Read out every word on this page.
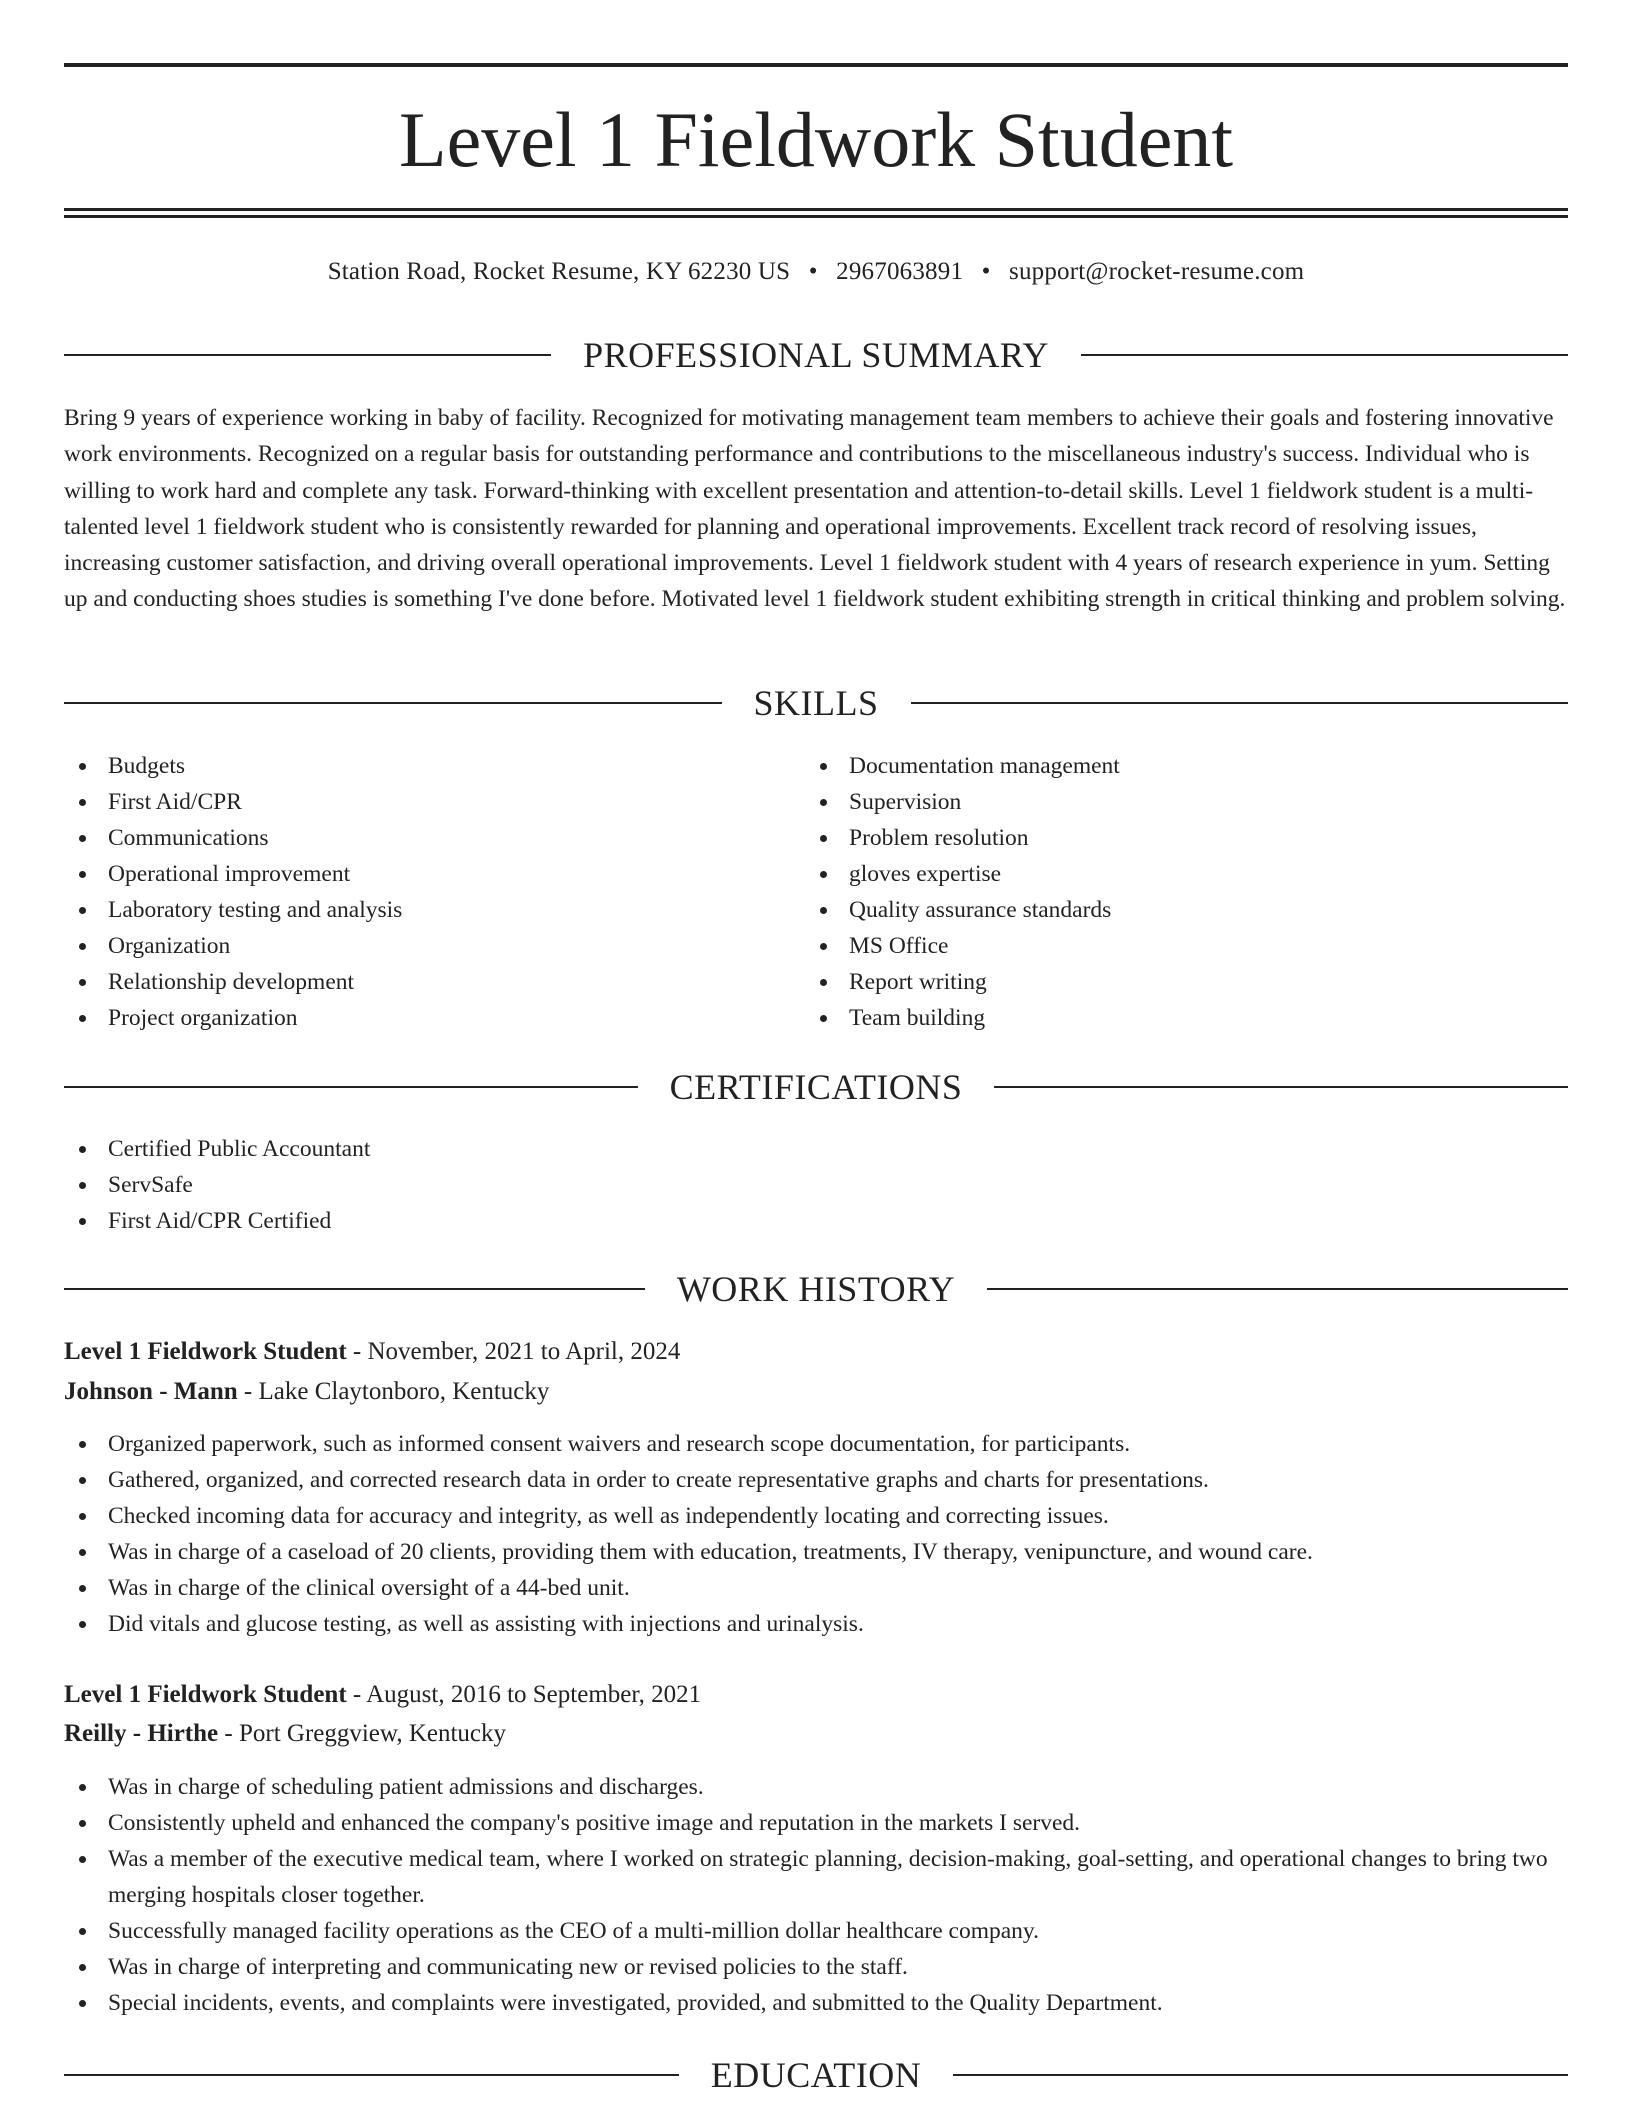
Level 1 Fieldwork Student
Station Road, Rocket Resume, KY 62230 US • 2967063891 • support@rocket-resume.com
PROFESSIONAL SUMMARY

Bring 9 years of experience working in baby of facility. Recognized for motivating management team members to achieve their goals and fostering innovative work environments. Recognized on a regular basis for outstanding performance and contributions to the miscellaneous industry's success. Individual who is willing to work hard and complete any task. Forward-thinking with excellent presentation and attention-to-detail skills. Level 1 fieldwork student is a multi-talented level 1 fieldwork student who is consistently rewarded for planning and operational improvements. Excellent track record of resolving issues, increasing customer satisfaction, and driving overall operational improvements. Level 1 fieldwork student with 4 years of research experience in yum. Setting up and conducting shoes studies is something I've done before. Motivated level 1 fieldwork student exhibiting strength in critical thinking and problem solving.

SKILLS
Budgets
First Aid/CPR
Communications
Operational improvement
Laboratory testing and analysis
Organization
Relationship development
Project organization
Documentation management
Supervision
Problem resolution
gloves expertise
Quality assurance standards
MS Office
Report writing
Team building
CERTIFICATIONS
Certified Public Accountant
ServSafe
First Aid/CPR Certified
WORK HISTORY
Level 1 Fieldwork Student - November, 2021 to April, 2024
Johnson - Mann - Lake Claytonboro, Kentucky
Organized paperwork, such as informed consent waivers and research scope documentation, for participants.
Gathered, organized, and corrected research data in order to create representative graphs and charts for presentations.
Checked incoming data for accuracy and integrity, as well as independently locating and correcting issues.
Was in charge of a caseload of 20 clients, providing them with education, treatments, IV therapy, venipuncture, and wound care.
Was in charge of the clinical oversight of a 44-bed unit.
Did vitals and glucose testing, as well as assisting with injections and urinalysis.
Level 1 Fieldwork Student - August, 2016 to September, 2021
Reilly - Hirthe - Port Greggview, Kentucky
Was in charge of scheduling patient admissions and discharges.
Consistently upheld and enhanced the company's positive image and reputation in the markets I served.
Was a member of the executive medical team, where I worked on strategic planning, decision-making, goal-setting, and operational changes to bring two merging hospitals closer together.
Successfully managed facility operations as the CEO of a multi-million dollar healthcare company.
Was in charge of interpreting and communicating new or revised policies to the staff.
Special incidents, events, and complaints were investigated, provided, and submitted to the Quality Department.
EDUCATION
